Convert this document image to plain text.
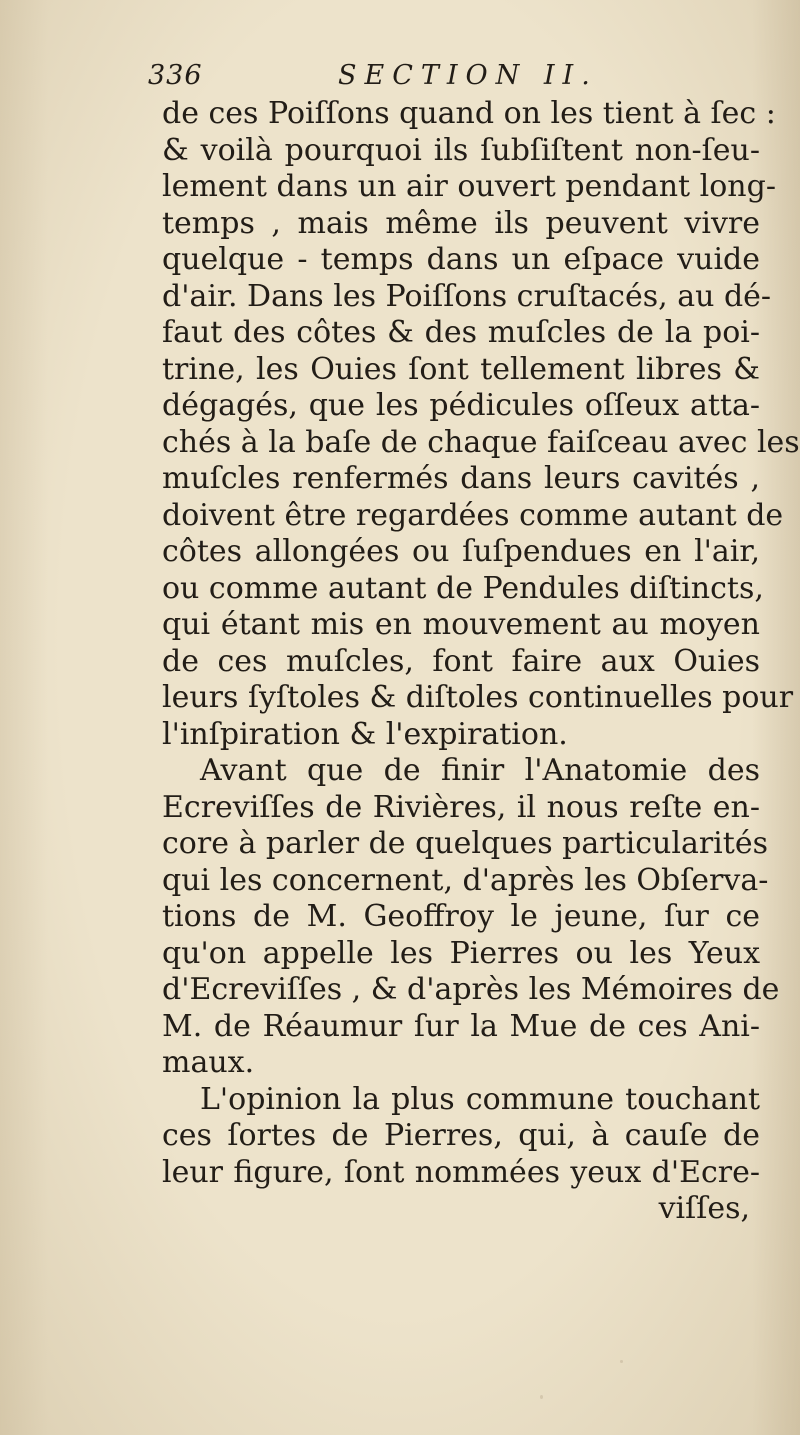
336	SECTION II.
de ces Poiſſons quand on les tient à ſec :
& voilà pourquoi ils ſubſiſtent non-ſeu-
lement dans un air ouvert pendant long-
temps , mais même ils peuvent vivre
quelque - temps dans un eſpace vuide
d'air. Dans les Poiſſons cruſtacés, au dé-
faut des côtes & des muſcles de la poi-
trine, les Ouies ſont tellement libres &
dégagés, que les pédicules oſſeux atta-
chés à la baſe de chaque faiſceau avec les
muſcles renfermés dans leurs cavités ,
doivent être regardées comme autant de
côtes allongées ou ſuſpendues en l'air,
ou comme autant de Pendules diſtincts,
qui étant mis en mouvement au moyen
de ces muſcles, font faire aux Ouies
leurs ſyſtoles & diſtoles continuelles pour
l'inſpiration & l'expiration.
Avant que de finir l'Anatomie des
Ecreviſſes de Rivières, il nous reſte en-
core à parler de quelques particularités
qui les concernent, d'après les Obſerva-
tions de M. Geoffroy le jeune, ſur ce
qu'on appelle les Pierres ou les Yeux
d'Ecreviſſes , & d'après les Mémoires de
M. de Réaumur ſur la Mue de ces Ani-
maux.
L'opinion la plus commune touchant
ces ſortes de Pierres, qui, à cauſe de
leur figure, ſont nommées yeux d'Ecre-
viſſes,
